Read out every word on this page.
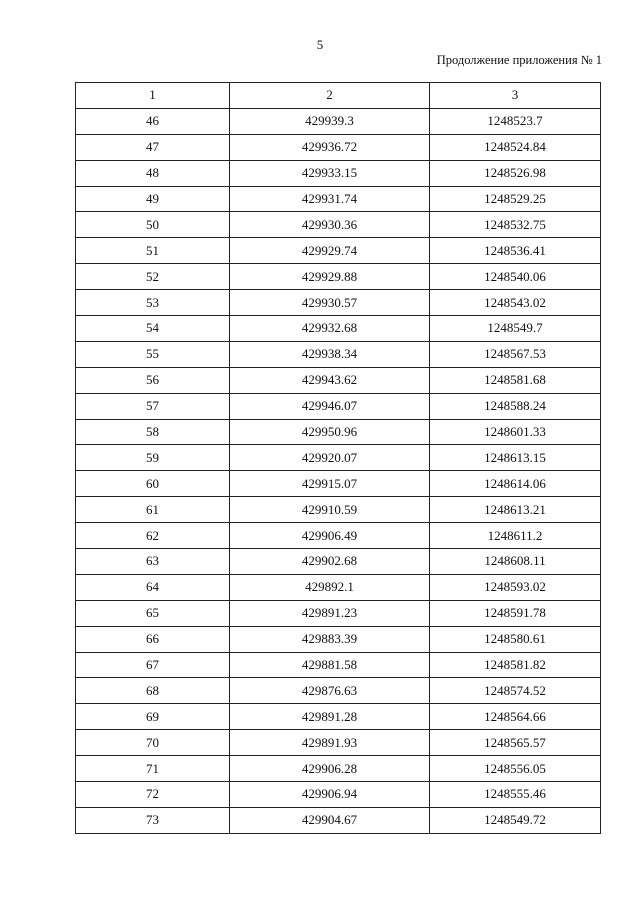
5
Продолжение приложения № 1
1	2	3
46	429939.3	1248523.7
47	429936.72	1248524.84
48	429933.15	1248526.98
49	429931.74	1248529.25
50	429930.36	1248532.75
51	429929.74	1248536.41
52	429929.88	1248540.06
53	429930.57	1248543.02
54	429932.68	1248549.7
55	429938.34	1248567.53
56	429943.62	1248581.68
57	429946.07	1248588.24
58	429950.96	1248601.33
59	429920.07	1248613.15
60	429915.07	1248614.06
61	429910.59	1248613.21
62	429906.49	1248611.2
63	429902.68	1248608.11
64	429892.1	1248593.02
65	429891.23	1248591.78
66	429883.39	1248580.61
67	429881.58	1248581.82
68	429876.63	1248574.52
69	429891.28	1248564.66
70	429891.93	1248565.57
71	429906.28	1248556.05
72	429906.94	1248555.46
73	429904.67	1248549.72
